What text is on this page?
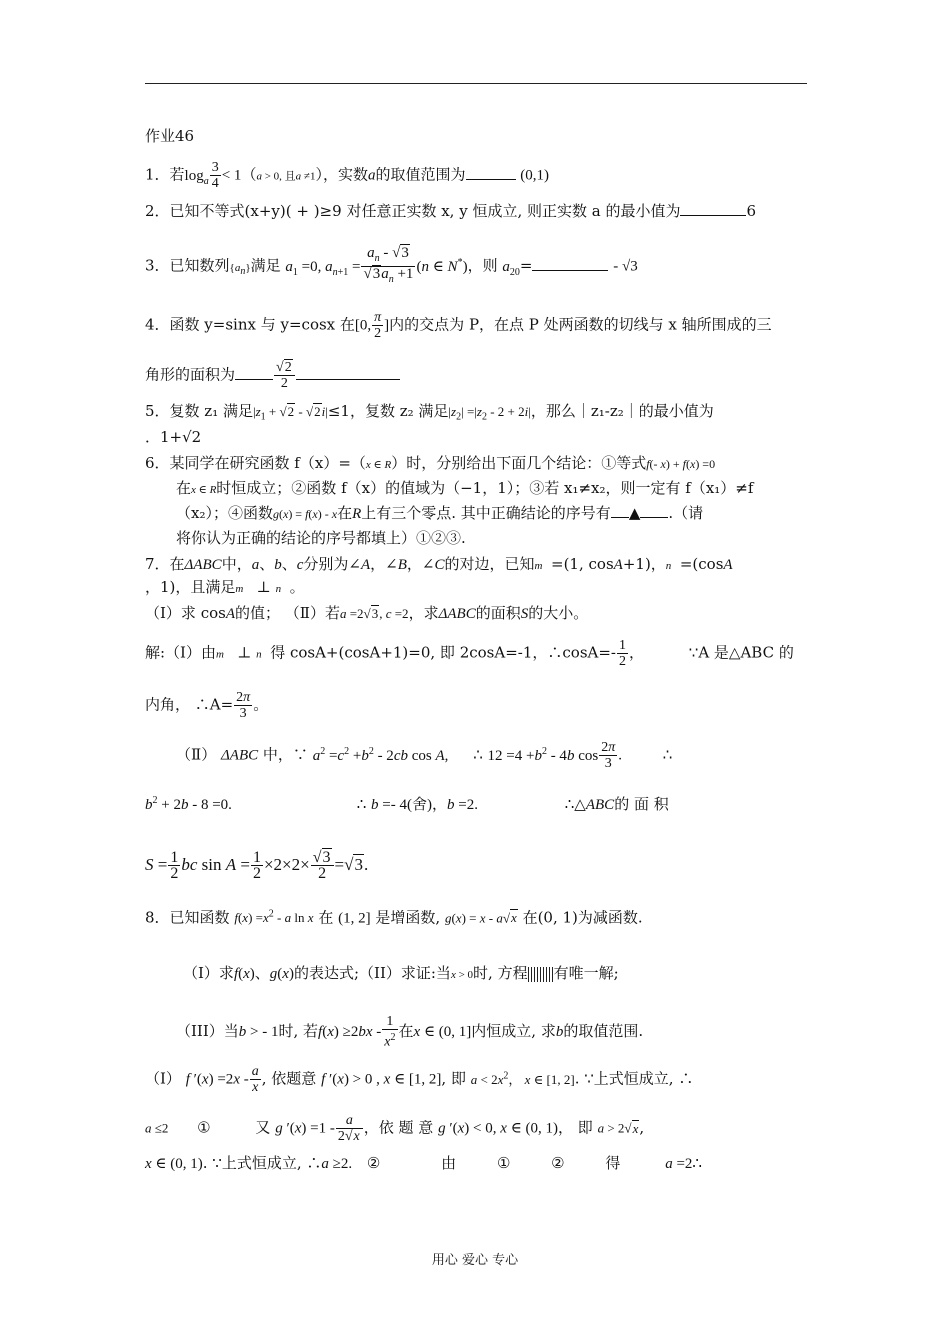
作业46
1．若$\log_a \frac{3}{4} < 1(a > 0$, 且a ≠1），实数a的取值范围为	(0,1)
2．已知不等式(x+y)( + )≥9 对任意正实数 x, y 恒成立, 则正实数 a 的最小值为	6
3．已知数列$\{a_n\}$满足 $a_1 =0$, $a_{n+1} = \frac{a_n - √3}{√3a_n +1} (n$ ∈ N*)，则 $a_{20}=$	- √3
4．函数 y=sinx 与 y=cosx 在[0, $\frac{\pi}{2}$ ]内的交点为 P，在点 P 处两函数的切线与 x 轴所围成的三
角形的面积为	$\frac{√2}{2}$
5．复数 z₁ 满足$|z_1 + √2 - √2i|\le 1$，复数 z₂ 满足$|z_2| =|z_2 - 2 + 2i|$，那么｜z₁-z₂｜的最小值为
．1+√2
6．某同学在研究函数 f（x）=（x ∈ R）时，分别给出下面几个结论：①等式f(- x) + f(x) =0
在x ∈ R时恒成立；②函数 f（x）的值域为（−1，1）；③若 x₁≠x₂，则一定有 f（x₁）≠f
（x₂）；④函数g(x) = f(x) - x在R上有三个零点. 其中正确结论的序号有 ▲ .（请
将你认为正确的结论的序号都填上）①②③.
7．在ΔABC中，a、b、c分别为∠A，∠B，∠C的对边，已知m⃗=(1, cosA+1)，n⃗=(cosA
，1)，且满足m⃗ ⊥ n⃗。
（Ⅰ）求 cosA的值； （Ⅱ）若a =2√3, c =2，求ΔABC的面积S的大小。
解:（Ⅰ）由m⃗ ⊥ n⃗得 cosA+(cosA+1)=0, 即 2cosA=-1，∴cosA=- $\frac{1}{2}$ ，	∵A 是△ABC 的
内角， ∴A= $\frac{2\pi}{3}$ 。
（Ⅱ） ΔABC 中，∵ $a^2 =c^2 +b^2 - 2cb$ cos A, ∴ $12 =4 +b^2 - 4b$ $\cos \frac{2\pi}{3}$ .	∴
$b^2 + 2b - 8 =0$.	∴ b =- 4(舍)，b =2.	∴△ABC的 面 积
$S = \frac{1}{2}$ bc $\sin A = \frac{1}{2} \times 2\times 2\times \frac{√3}{2} =√3$.
8．已知函数 $f(x) =x^2 - a$ ln x 在 (1, 2] 是增函数, g(x) = x - a√x 在(0, 1)为减函数.
（I）求f(x)、g(x)的表达式;（II）求证:当x > 0时, 方程 有唯一解;
（III）当b > - 1时, 若$f(x) \ge 2bx - \frac{1}{x^2}$ 在x ∈ (0, 1]内恒成立, 求b的取值范围.
（I） f $'(x) =2x - \frac{a}{x}$ , 依题意 f ′(x) > 0 , x ∈ [1, 2], 即 $a < 2x^2$， x ∈ [1, 2]. ∵上式恒成立, ∴
a ≤2 ①	又 g $'(x) =1 - \frac{a}{2√x}$ ，依 题 意 g ′(x) < 0, x ∈ (0, 1)， 即 a > 2√x,
x ∈ (0, 1). ∵上式恒成立, ∴a ≥2. ②	由	①	②	得	a =2∴
用心 爱心 专心
